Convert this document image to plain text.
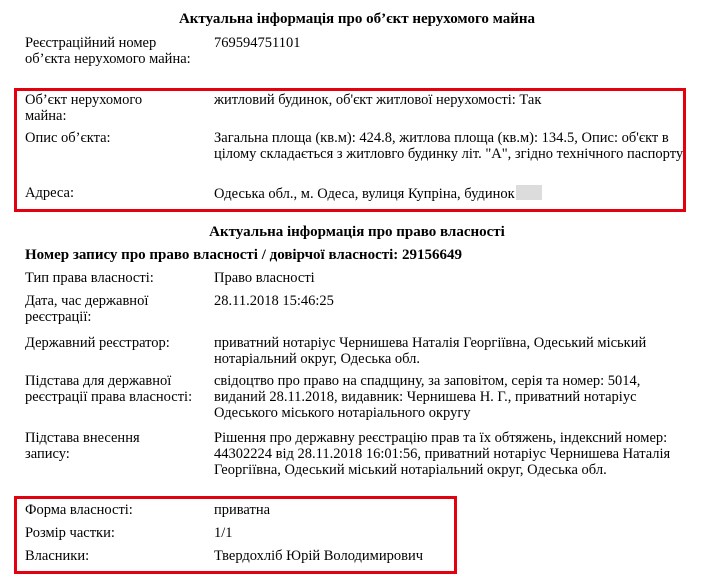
Актуальна інформація про об’єкт нерухомого майна
Реєстраційний номер об’єкта нерухомого майна:
769594751101
Об’єкт нерухомого майна:
житловий будинок, об'єкт житлової нерухомості: Так
Опис об’єкта:	Загальна площа (кв.м): 424.8, житлова площа (кв.м): 134.5, Опис: об'єкт в цілому складається з житловго будинку літ. "А", згідно технічного паспорту
Адреса:	Одеська обл., м. Одеса, вулиця Купріна, будинок
Актуальна інформація про право власності
Номер запису про право власності / довірчої власності: 29156649
Тип права власності:	Право власності
Дата, час державної реєстрації:
28.11.2018 15:46:25
Державний реєстратор:	приватний нотаріус Чернишева Наталія Георгіївна, Одеський міський нотаріальний округ, Одеська обл.
Підстава для державної реєстрації права власності:
свідоцтво про право на спадщину, за заповітом, серія та номер: 5014, виданий 28.11.2018, видавник: Чернишева Н. Г., приватний нотаріус Одеського міського нотаріального округу
Підстава внесення запису:
Рішення про державну реєстрацію прав та їх обтяжень, індексний номер: 44302224 від 28.11.2018 16:01:56, приватний нотаріус Чернишева Наталія Георгіївна, Одеський міський нотаріальний округ, Одеська обл.
Форма власності:	приватна
Розмір частки:	1/1
Власники:	Твердохліб Юрій Володимирович
